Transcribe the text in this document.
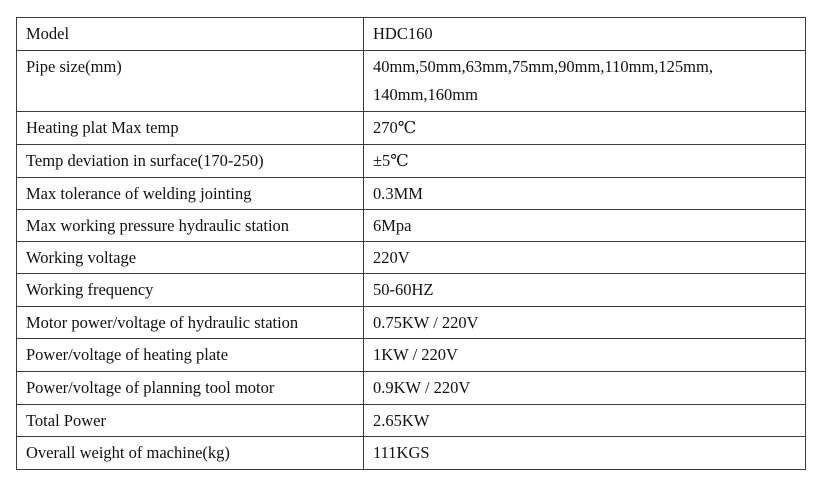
Model	HDC160
Pipe size(mm)	40mm,50mm,63mm,75mm,90mm,110mm,125mm,
140mm,160mm

Heating plat Max temp	270℃
Temp deviation in surface(170-250)	±5℃
Max tolerance of welding jointing	0.3MM
Max working pressure hydraulic station	6Mpa
Working voltage	220V
Working frequency	50-60HZ
Motor power/voltage of hydraulic station	0.75KW / 220V
Power/voltage of heating plate	1KW / 220V
Power/voltage of planning tool motor	0.9KW / 220V
Total Power	2.65KW
Overall weight of machine(kg)	111KGS
